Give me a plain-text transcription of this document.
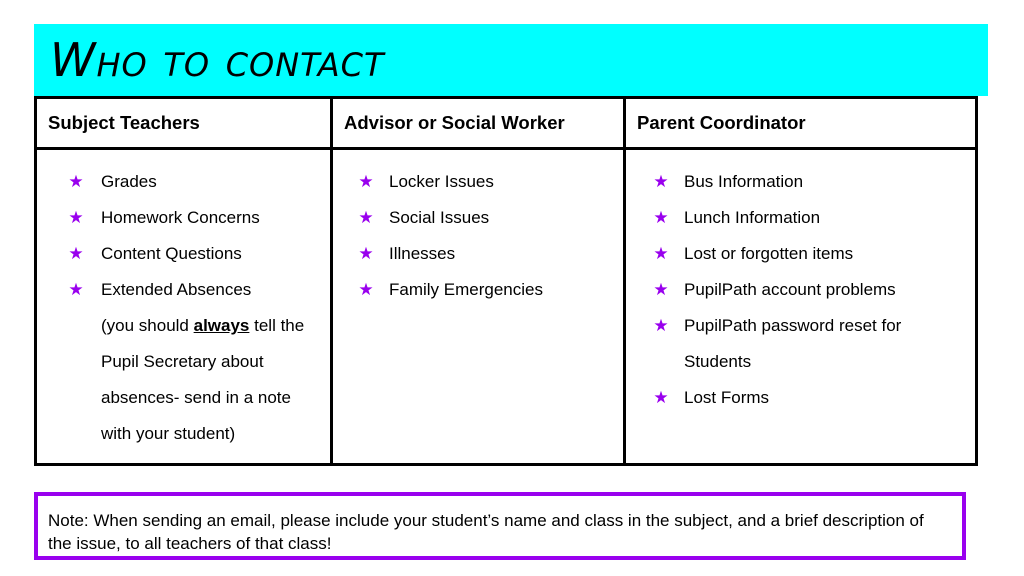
Who to contact
Subject Teachers	Advisor or Social Worker	Parent Coordinator

★ Grades
★ Homework Concerns
★ Content Questions
★ Extended Absences
(you should always tell the Pupil Secretary about absences- send in a note with your student)

★ Locker Issues
★ Social Issues
★ Illnesses
★ Family Emergencies

★ Bus Information
★ Lunch Information
★ Lost or forgotten items
★ PupilPath account problems
★ PupilPath password reset for Students
★ Lost Forms
Note: When sending an email, please include your student’s name and class in the subject, and a brief description of the issue, to all teachers of that class!
